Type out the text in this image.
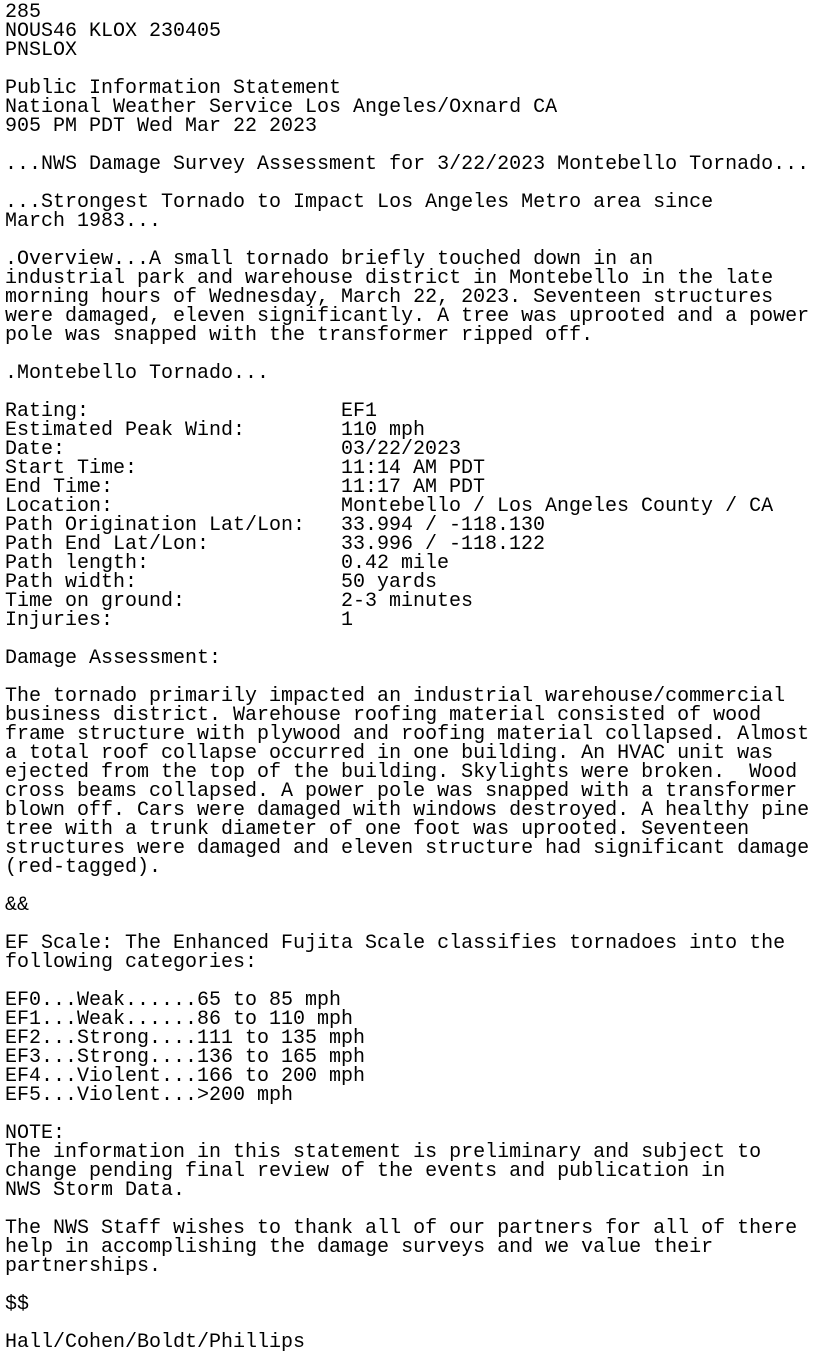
285
NOUS46 KLOX 230405
PNSLOX
Public Information Statement
National Weather Service Los Angeles/Oxnard CA
905 PM PDT Wed Mar 22 2023
...NWS Damage Survey Assessment for 3/22/2023 Montebello Tornado...
...Strongest Tornado to Impact Los Angeles Metro area since
March 1983...
.Overview...A small tornado briefly touched down in an
industrial park and warehouse district in Montebello in the late
morning hours of Wednesday, March 22, 2023. Seventeen structures
were damaged, eleven significantly. A tree was uprooted and a power
pole was snapped with the transformer ripped off.
.Montebello Tornado...
Rating:	EF1
Estimated Peak Wind:	110 mph
Date:	03/22/2023
Start Time:	11:14 AM PDT
End Time:	11:17 AM PDT
Location:	Montebello / Los Angeles County / CA
Path Origination Lat/Lon: 33.994 / -118.130
Path End Lat/Lon:	33.996 / -118.122
Path length:	0.42 mile
Path width:	50 yards
Time on ground:	2-3 minutes
Injuries:	1
Damage Assessment:
The tornado primarily impacted an industrial warehouse/commercial
business district. Warehouse roofing material consisted of wood
frame structure with plywood and roofing material collapsed. Almost
a total roof collapse occurred in one building. An HVAC unit was
ejected from the top of the building. Skylights were broken.  Wood
cross beams collapsed. A power pole was snapped with a transformer
blown off. Cars were damaged with windows destroyed. A healthy pine
tree with a trunk diameter of one foot was uprooted. Seventeen
structures were damaged and eleven structure had significant damage
(red-tagged).
&&
EF Scale: The Enhanced Fujita Scale classifies tornadoes into the
following categories:
EF0...Weak......65 to 85 mph
EF1...Weak......86 to 110 mph
EF2...Strong....111 to 135 mph
EF3...Strong....136 to 165 mph
EF4...Violent...166 to 200 mph
EF5...Violent...>200 mph
NOTE:
The information in this statement is preliminary and subject to
change pending final review of the events and publication in
NWS Storm Data.
The NWS Staff wishes to thank all of our partners for all of there
help in accomplishing the damage surveys and we value their
partnerships.
$$
Hall/Cohen/Boldt/Phillips
